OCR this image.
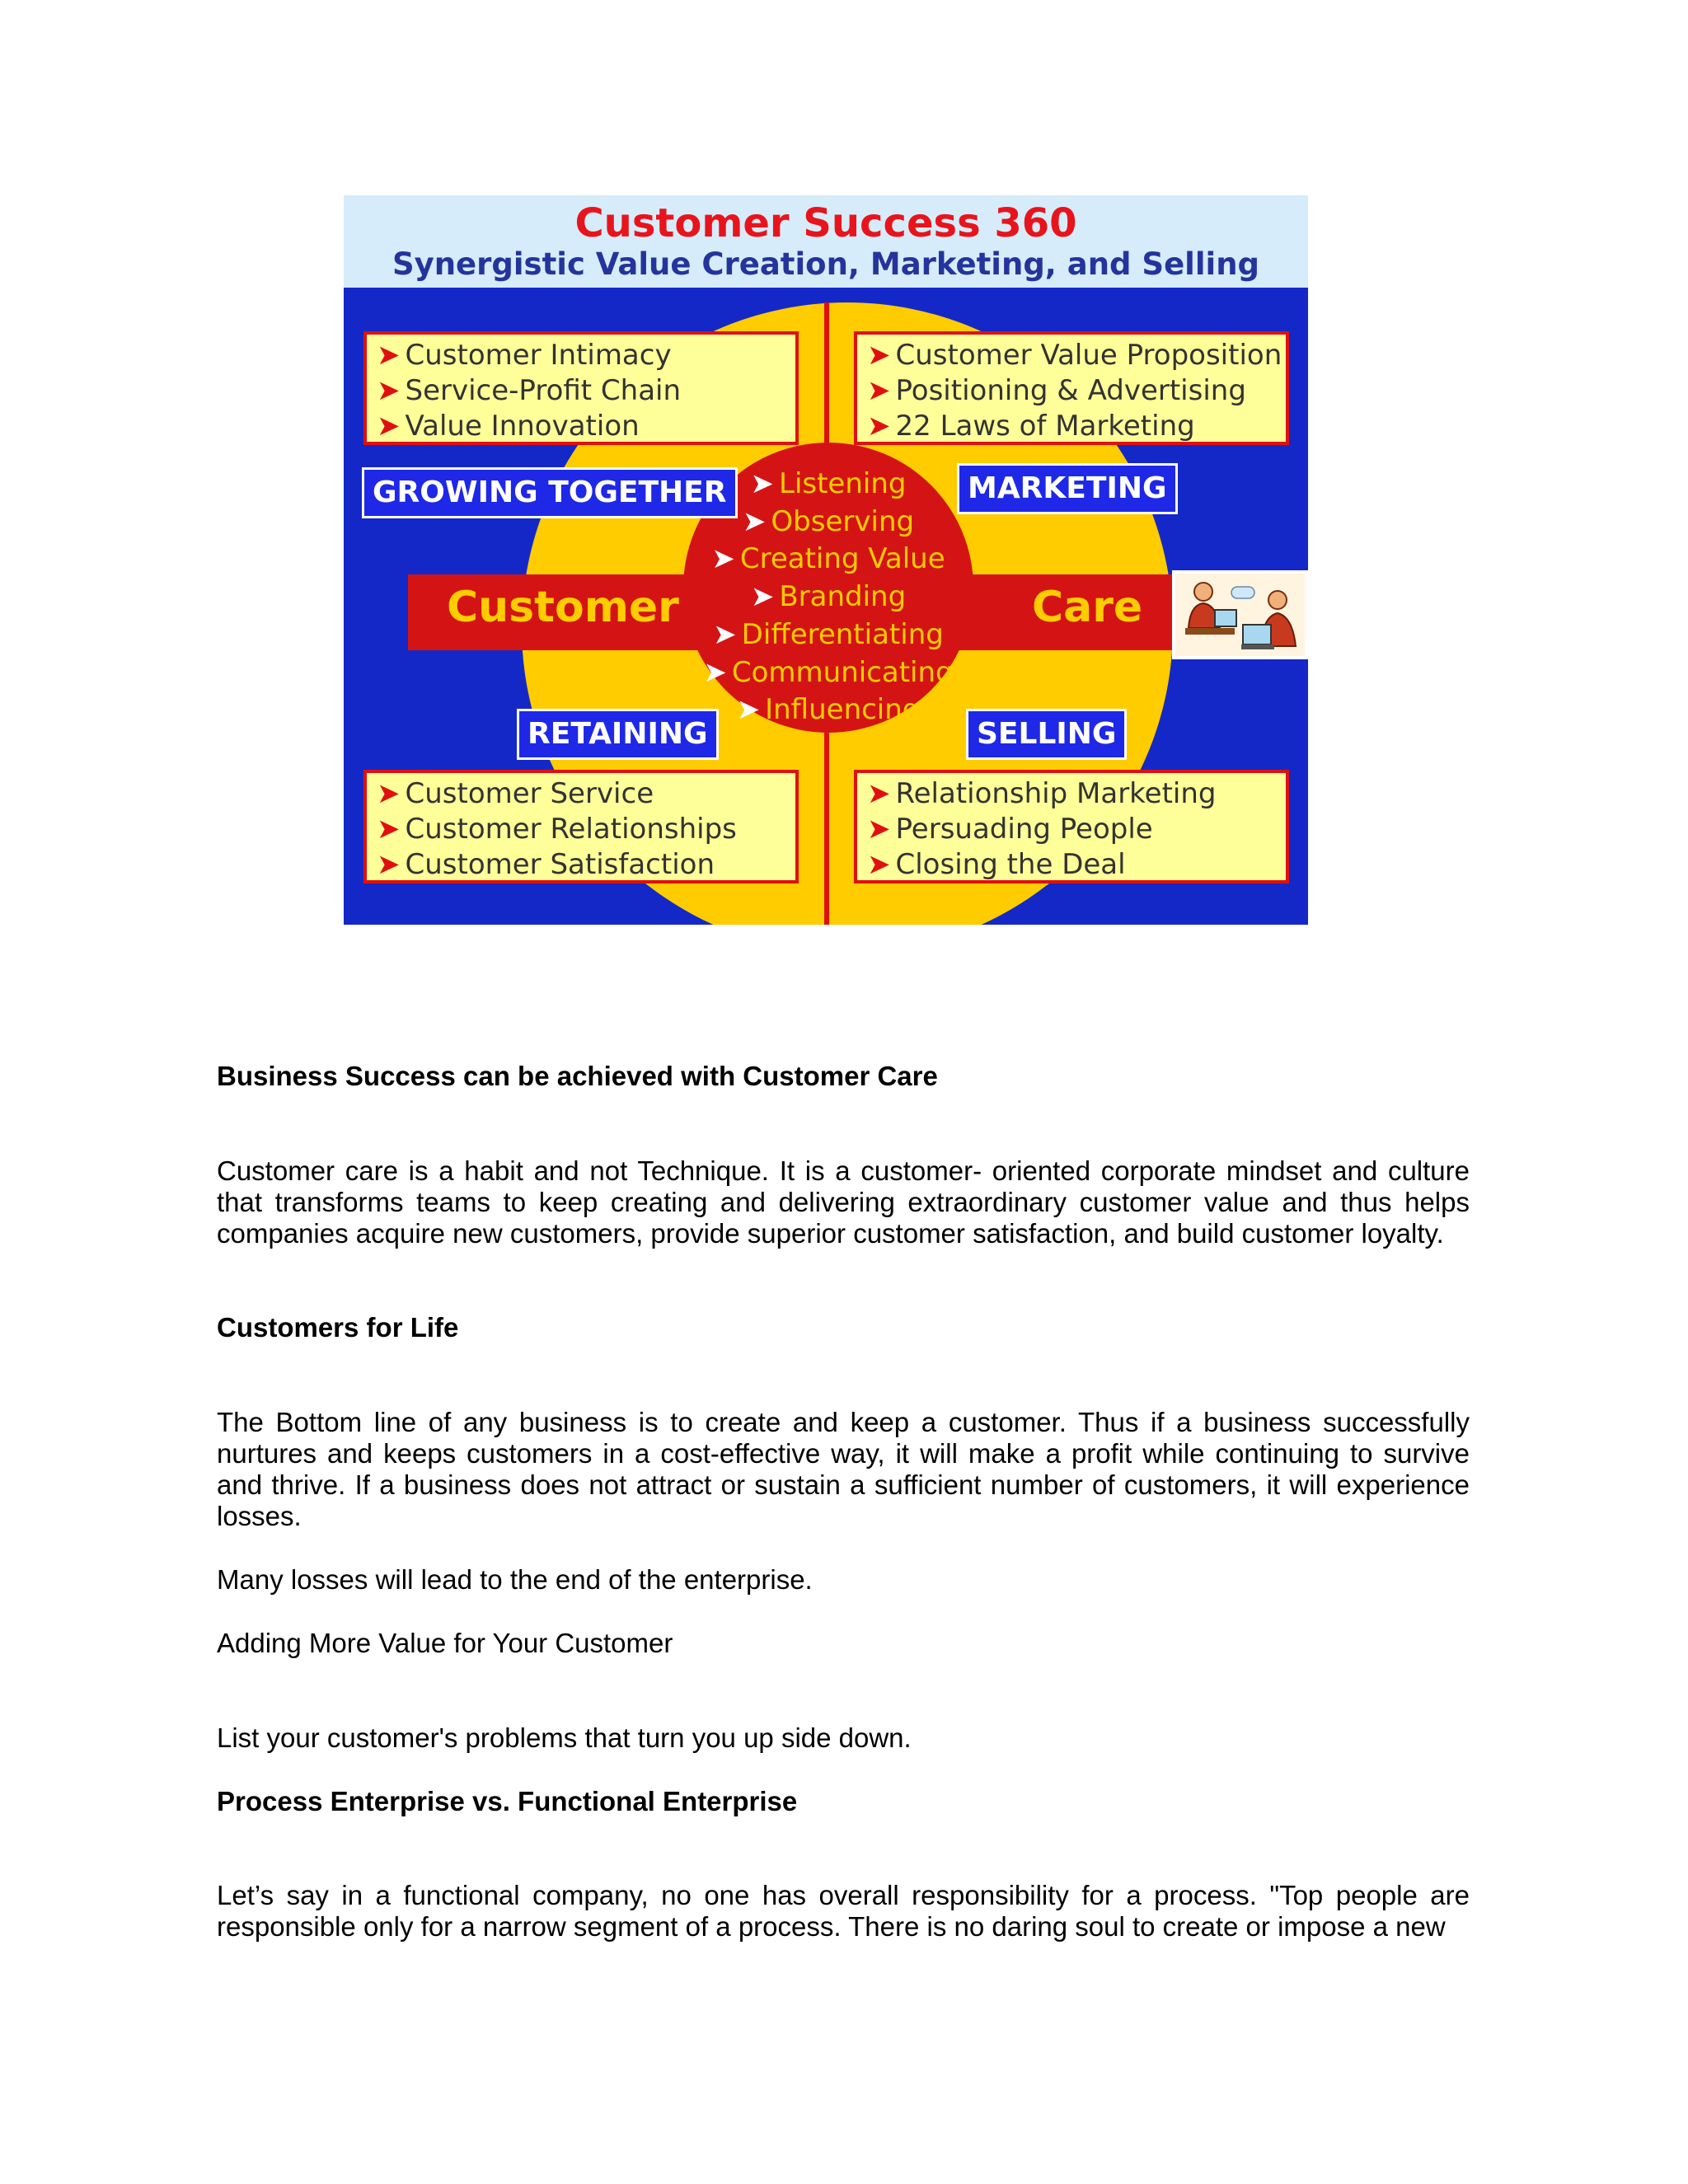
Customer Success 360
Synergistic Value Creation, Marketing, and Selling
➤ Listening
➤ Observing
➤ Creating Value
➤ Branding
➤ Differentiating
➤ Communicating
➤ Influencing
Customer	Care
➤ Customer Intimacy
➤ Service-Profit Chain
➤ Value Innovation
➤ Customer Value Proposition
➤ Positioning & Advertising
➤ 22 Laws of Marketing
➤ Customer Service
➤ Customer Relationships
➤ Customer Satisfaction
➤ Relationship Marketing
➤ Persuading People
➤ Closing the Deal
GROWING TOGETHER	MARKETING
RETAINING	SELLING
Business Success can be achieved with Customer Care

Customer care is a habit and not Technique. It is a customer- oriented corporate mindset and culture that transforms teams to keep creating and delivering extraordinary customer value and thus helps companies acquire new customers, provide superior customer satisfaction, and build customer loyalty.

Customers for Life

The Bottom line of any business is to create and keep a customer. Thus if a business successfully nurtures and keeps customers in a cost-effective way, it will make a profit while continuing to survive and thrive. If a business does not attract or sustain a sufficient number of customers, it will experience losses.

Many losses will lead to the end of the enterprise.

Adding More Value for Your Customer

List your customer's problems that turn you up side down.

Process Enterprise vs. Functional Enterprise

Let’s say in a functional company, no one has overall responsibility for a process. "Top people are responsible only for a narrow segment of a process. There is no daring soul to create or impose a new
